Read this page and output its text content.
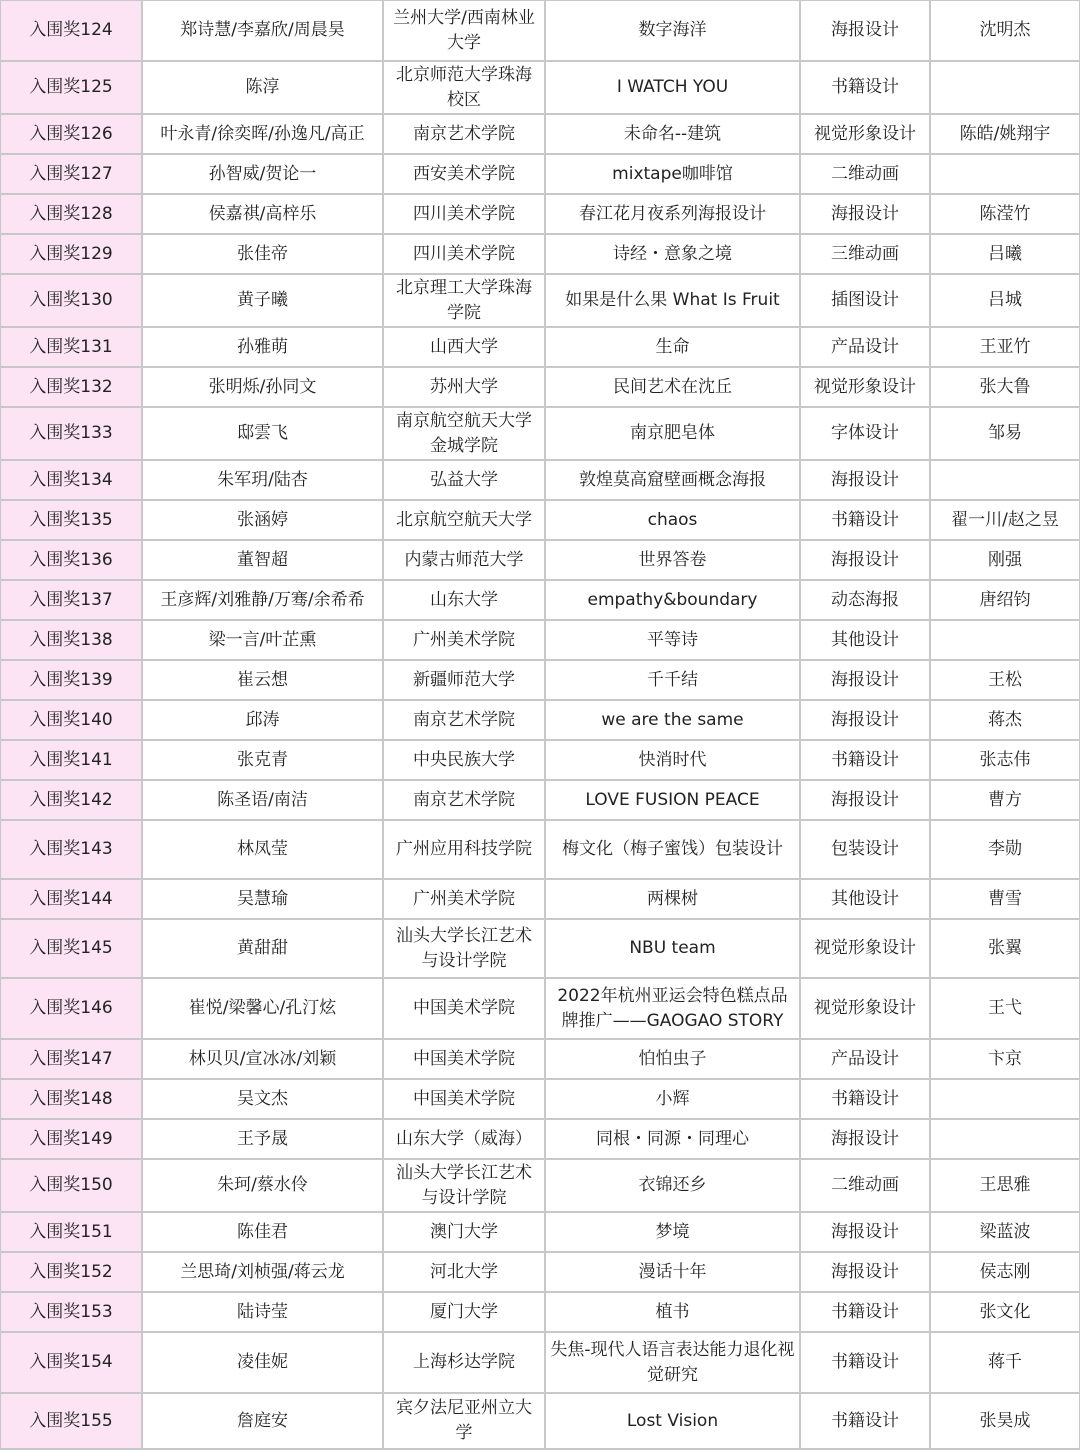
入围奖124	郑诗慧/李嘉欣/周晨昊	兰州大学/西南林业大学	数字海洋	海报设计	沈明杰
入围奖125	陈淳	北京师范大学珠海校区	I WATCH YOU	书籍设计	
入围奖126	叶永青/徐奕晖/孙逸凡/高正	南京艺术学院	未命名--建筑	视觉形象设计	陈皓/姚翔宇
入围奖127	孙智威/贺论一	西安美术学院	mixtape咖啡馆	二维动画	
入围奖128	侯嘉祺/高梓乐	四川美术学院	春江花月夜系列海报设计	海报设计	陈滢竹
入围奖129	张佳帝	四川美术学院	诗经・意象之境	三维动画	吕曦
入围奖130	黄子曦	北京理工大学珠海学院	如果是什么果 What Is Fruit	插图设计	吕城
入围奖131	孙雅萌	山西大学	生命	产品设计	王亚竹
入围奖132	张明烁/孙同文	苏州大学	民间艺术在沈丘	视觉形象设计	张大鲁
入围奖133	邸雲飞	南京航空航天大学金城学院	南京肥皂体	字体设计	邹易
入围奖134	朱军玥/陆杏	弘益大学	敦煌莫高窟壁画概念海报	海报设计	
入围奖135	张涵婷	北京航空航天大学	chaos	书籍设计	翟一川/赵之昱
入围奖136	董智超	内蒙古师范大学	世界答卷	海报设计	刚强
入围奖137	王彦辉/刘雅静/万骞/余希希	山东大学	empathy&boundary	动态海报	唐绍钧
入围奖138	梁一言/叶芷熏	广州美术学院	平等诗	其他设计	
入围奖139	崔云想	新疆师范大学	千千结	海报设计	王松
入围奖140	邱涛	南京艺术学院	we are the same	海报设计	蒋杰
入围奖141	张克青	中央民族大学	快消时代	书籍设计	张志伟
入围奖142	陈圣语/南洁	南京艺术学院	LOVE FUSION PEACE	海报设计	曹方
入围奖143	林凤莹	广州应用科技学院	梅文化（梅子蜜饯）包装设计	包装设计	李勋
入围奖144	吴慧瑜	广州美术学院	两棵树	其他设计	曹雪
入围奖145	黄甜甜	汕头大学长江艺术与设计学院	NBU team	视觉形象设计	张翼
入围奖146	崔悦/梁馨心/孔汀炫	中国美术学院	2022年杭州亚运会特色糕点品牌推广——GAOGAO STORY	视觉形象设计	王弋
入围奖147	林贝贝/宣冰冰/刘颖	中国美术学院	怕怕虫子	产品设计	卞京
入围奖148	吴文杰	中国美术学院	小辉	书籍设计	
入围奖149	王予晟	山东大学（威海）	同根・同源・同理心	海报设计	
入围奖150	朱珂/蔡水伶	汕头大学长江艺术与设计学院	衣锦还乡	二维动画	王思雅
入围奖151	陈佳君	澳门大学	梦境	海报设计	梁蓝波
入围奖152	兰思琦/刘桢强/蒋云龙	河北大学	漫话十年	海报设计	侯志刚
入围奖153	陆诗莹	厦门大学	植书	书籍设计	张文化
入围奖154	凌佳妮	上海杉达学院	失焦-现代人语言表达能力退化视觉研究	书籍设计	蒋千
入围奖155	詹庭安	宾夕法尼亚州立大学	Lost Vision	书籍设计	张昊成
